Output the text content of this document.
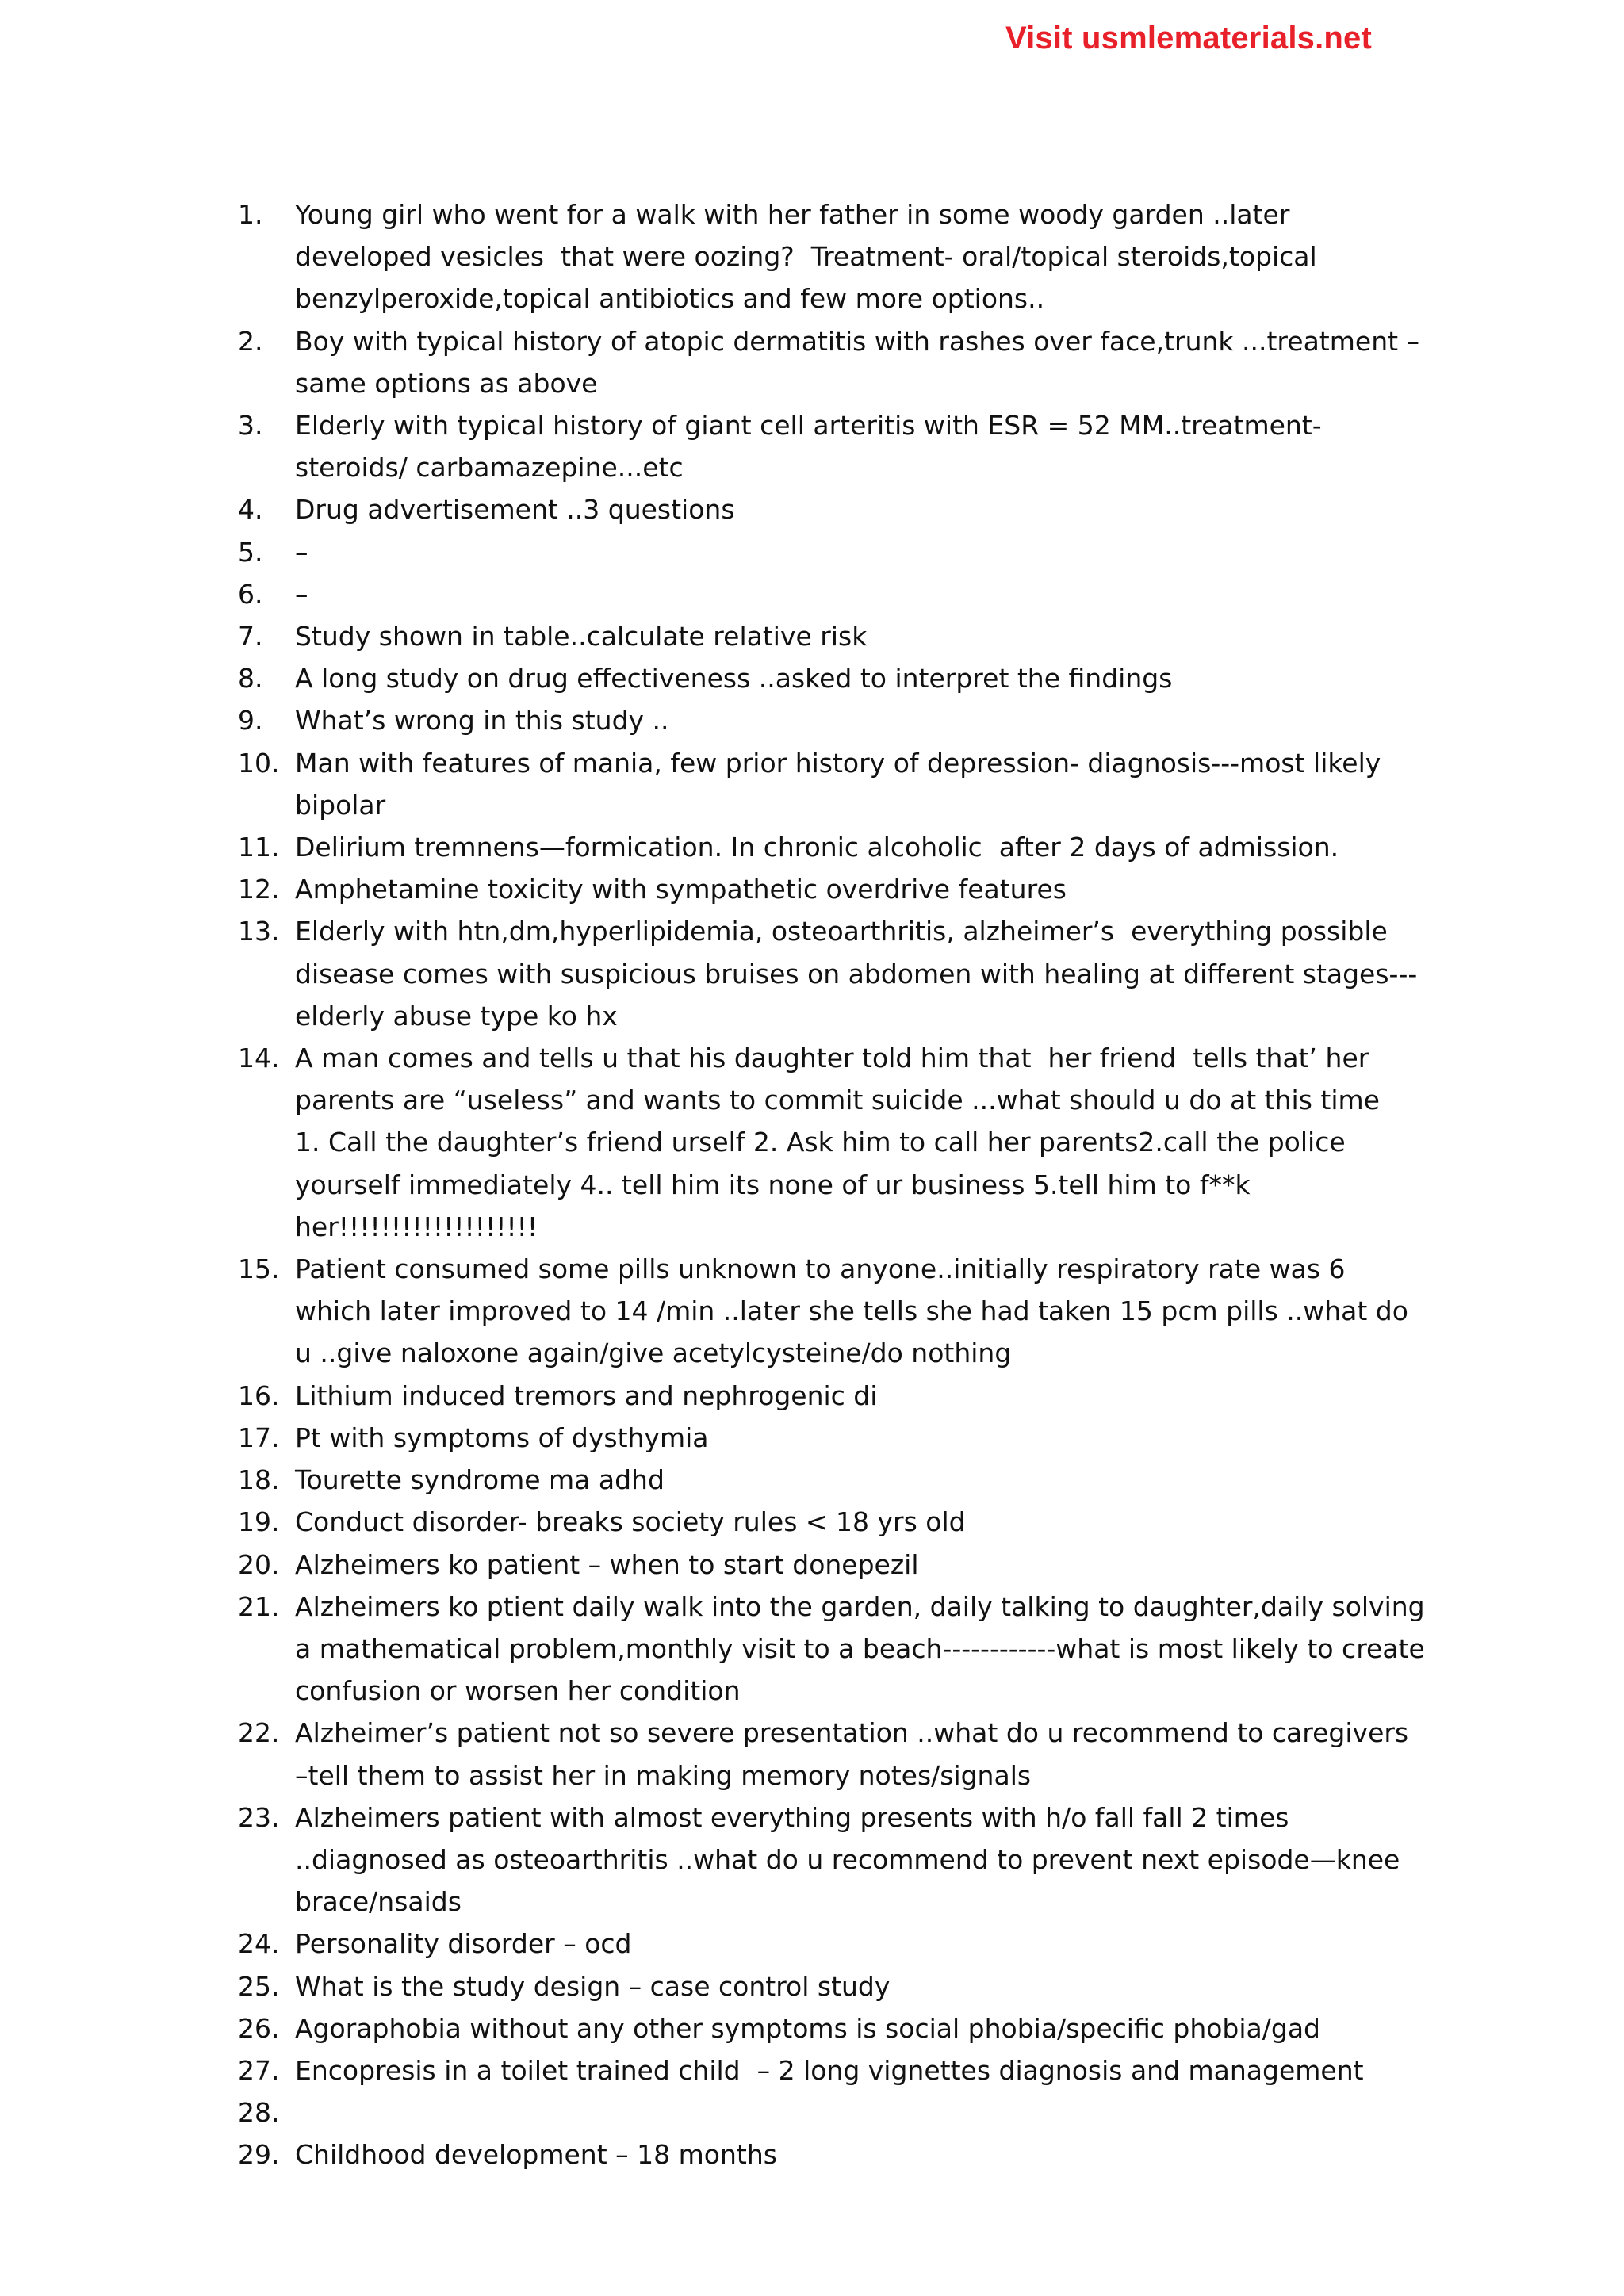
Visit usmlematerials.net
1.	Young girl who went for a walk with her father in some woody garden ..later developed vesicles  that were oozing?  Treatment- oral/topical steroids,topical benzylperoxide,topical antibiotics and few more options..
2.	Boy with typical history of atopic dermatitis with rashes over face,trunk ...treatment –same options as above
3.	Elderly with typical history of giant cell arteritis with ESR = 52 MM..treatment- steroids/ carbamazepine...etc
4.	Drug advertisement ..3 questions
5.	–
6.	–
7.	Study shown in table..calculate relative risk
8.	A long study on drug effectiveness ..asked to interpret the findings
9.	What’s wrong in this study ..
10. Man with features of mania, few prior history of depression- diagnosis---most likely bipolar
11. Delirium tremnens—formication. In chronic alcoholic  after 2 days of admission.
12. Amphetamine toxicity with sympathetic overdrive features
13. Elderly with htn,dm,hyperlipidemia, osteoarthritis, alzheimer’s  everything possible disease comes with suspicious bruises on abdomen with healing at different stages---elderly abuse type ko hx
14. A man comes and tells u that his daughter told him that  her friend  tells that’ her parents are “useless” and wants to commit suicide ...what should u do at this time            1. Call the daughter’s friend urself 2. Ask him to call her parents2.call the police yourself immediately 4.. tell him its none of ur business 5.tell him to f**k her!!!!!!!!!!!!!!!!!!!
15. Patient consumed some pills unknown to anyone..initially respiratory rate was 6 which later improved to 14 /min ..later she tells she had taken 15 pcm pills ..what do u ..give naloxone again/give acetylcysteine/do nothing
16. Lithium induced tremors and nephrogenic di
17. Pt with symptoms of dysthymia
18. Tourette syndrome ma adhd
19. Conduct disorder- breaks society rules < 18 yrs old
20. Alzheimers ko patient – when to start donepezil
21. Alzheimers ko ptient daily walk into the garden, daily talking to daughter,daily solving a mathematical problem,monthly visit to a beach------------what is most likely to create confusion or worsen her condition
22. Alzheimer’s patient not so severe presentation ..what do u recommend to caregivers –tell them to assist her in making memory notes/signals
23. Alzheimers patient with almost everything presents with h/o fall fall 2 times ..diagnosed as osteoarthritis ..what do u recommend to prevent next episode—knee brace/nsaids
24. Personality disorder – ocd
25. What is the study design – case control study
26. Agoraphobia without any other symptoms is social phobia/specific phobia/gad
27. Encopresis in a toilet trained child  – 2 long vignettes diagnosis and management
28.
29. Childhood development – 18 months
